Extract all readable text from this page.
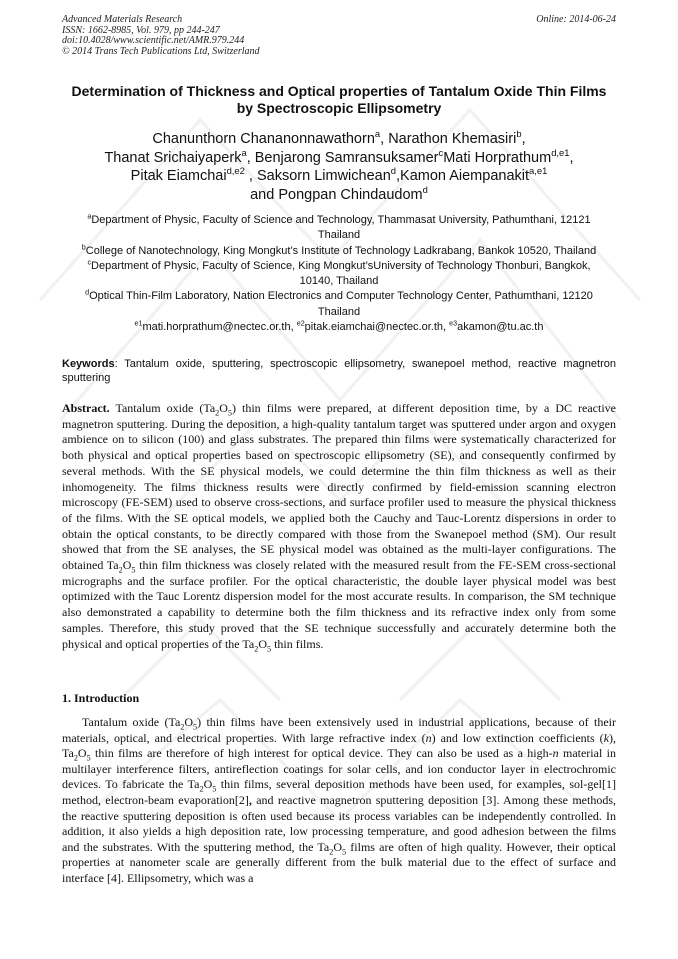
Advanced Materials Research
ISSN: 1662-8985, Vol. 979, pp 244-247
doi:10.4028/www.scientific.net/AMR.979.244
© 2014 Trans Tech Publications Ltd, Switzerland
Online: 2014-06-24
Determination of Thickness and Optical properties of Tantalum Oxide Thin Films by Spectroscopic Ellipsometry
Chanunthorn Chananonnawathorn$^a$, Narathon Khemasiri$^b$,
Thanat Srichaiyaperk$^a$, Benjarong Samransuksamer$^c$Mati Horprathum$^{d,e1}$,
Pitak Eiamchai$^{d,e2}$ , Saksorn Limwichean$^d$,Kamon Aiempanakit$^{a,e1}$
and Pongpan Chindaudom$^d$
$^a$Department of Physic, Faculty of Science and Technology, Thammasat University, Pathumthani, 12121 Thailand
$^b$College of Nanotechnology, King Mongkut’s Institute of Technology Ladkrabang, Bankok 10520, Thailand
$^c$Department of Physic, Faculty of Science, King Mongkut’sUniversity of Technology Thonburi, Bangkok, 10140, Thailand
$^d$Optical Thin-Film Laboratory, Nation Electronics and Computer Technology Center, Pathumthani, 12120 Thailand
$^{e1}$mati.horprathum@nectec.or.th, $^{e2}$pitak.eiamchai@nectec.or.th, $^{e3}$akamon@tu.ac.th
Keywords: Tantalum oxide, sputtering, spectroscopic ellipsometry, swanepoel method, reactive magnetron sputtering
Abstract. Tantalum oxide $(Ta_2O_5)$ thin films were prepared, at different deposition time, by a DC reactive magnetron sputtering. During the deposition, a high-quality tantalum target was sputtered under argon and oxygen ambience on to silicon (100) and glass substrates. The prepared thin films were systematically characterized for both physical and optical properties based on spectroscopic ellipsometry (SE), and consequently confirmed by several methods. With the SE physical models, we could determine the thin film thickness as well as their inhomogeneity. The films thickness results were directly confirmed by field-emission scanning electron microscopy (FE-SEM) used to observe cross-sections, and surface profiler used to measure the physical thickness of the films. With the SE optical models, we applied both the Cauchy and Tauc-Lorentz dispersions in order to obtain the optical constants, to be directly compared with those from the Swanepoel method (SM). Our result showed that from the SE analyses, the SE physical model was obtained as the multi-layer configurations. The obtained $Ta_2O_5$ thin film thickness was closely related with the measured result from the FE-SEM cross-sectional micrographs and the surface profiler. For the optical characteristic, the double layer physical model was best optimized with the Tauc Lorentz dispersion model for the most accurate results. In comparison, the SM technique also demonstrated a capability to determine both the film thickness and its refractive index only from some samples. Therefore, this study proved that the SE technique successfully and accurately determine both the physical and optical properties of the $Ta_2O_5$ thin films.
1. Introduction
Tantalum oxide $(Ta_2O_5)$ thin films have been extensively used in industrial applications, because of their materials, optical, and electrical properties. With large refractive index (n) and low extinction coefficients (k), $Ta_2O_5$ thin films are therefore of high interest for optical device. They can also be used as a high-n material in multilayer interference filters, antireflection coatings for solar cells, and ion conductor layer in electrochromic devices. To fabricate the $Ta_2O_5$ thin films, several deposition methods have been used, for examples, sol-gel[1] method, electron-beam evaporation[2], and reactive magnetron sputtering deposition [3]. Among these methods, the reactive sputtering deposition is often used because its process variables can be independently controlled. In addition, it also yields a high deposition rate, low processing temperature, and good adhesion between the films and the substrates. With the sputtering method, the $Ta_2O_5$ films are often of high quality. However, their optical properties at nanometer scale are generally different from the bulk material due to the effect of surface and interface [4]. Ellipsometry, which was a
